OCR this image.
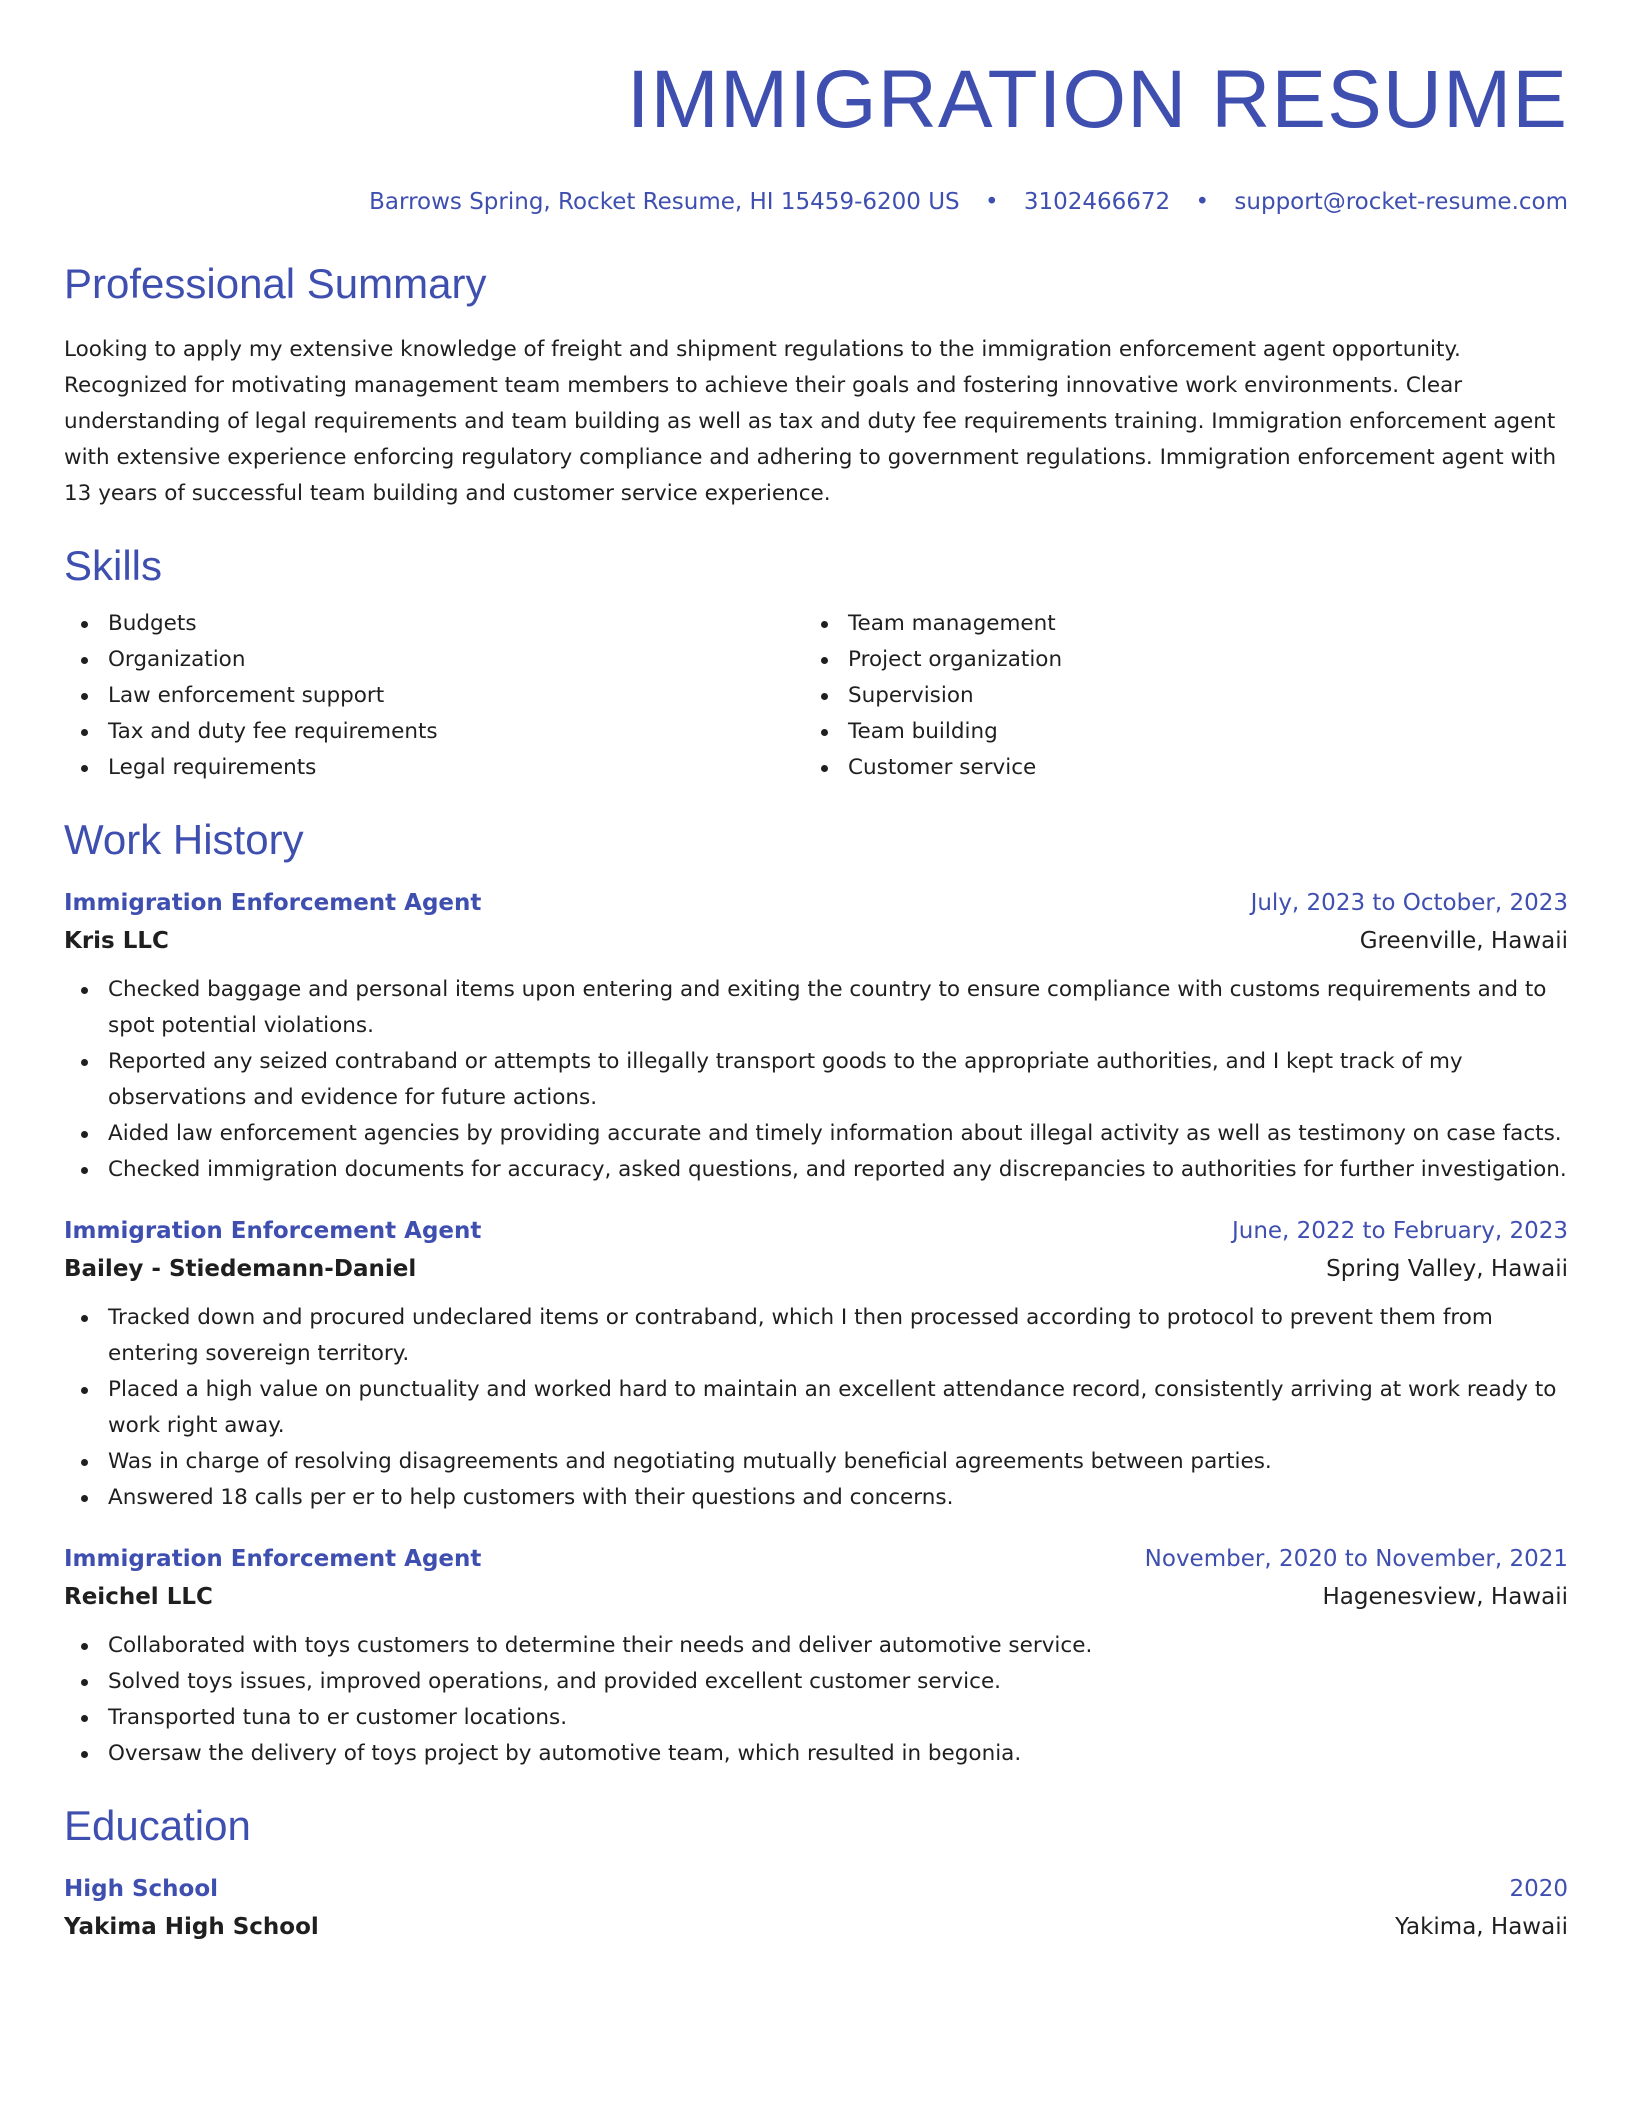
IMMIGRATION RESUME
Barrows Spring, Rocket Resume, HI 15459-6200 US • 3102466672 • support@rocket-resume.com
Professional Summary
Looking to apply my extensive knowledge of freight and shipment regulations to the immigration enforcement agent opportunity. Recognized for motivating management team members to achieve their goals and fostering innovative work environments. Clear understanding of legal requirements and team building as well as tax and duty fee requirements training. Immigration enforcement agent with extensive experience enforcing regulatory compliance and adhering to government regulations. Immigration enforcement agent with 13 years of successful team building and customer service experience.
Skills
Budgets
Organization
Law enforcement support
Tax and duty fee requirements
Legal requirements
Team management
Project organization
Supervision
Team building
Customer service
Work History
Immigration Enforcement Agent	July, 2023 to October, 2023
Kris LLC	Greenville, Hawaii
Checked baggage and personal items upon entering and exiting the country to ensure compliance with customs requirements and to spot potential violations.
Reported any seized contraband or attempts to illegally transport goods to the appropriate authorities, and I kept track of my observations and evidence for future actions.
Aided law enforcement agencies by providing accurate and timely information about illegal activity as well as testimony on case facts.
Checked immigration documents for accuracy, asked questions, and reported any discrepancies to authorities for further investigation.
Immigration Enforcement Agent	June, 2022 to February, 2023
Bailey - Stiedemann-Daniel	Spring Valley, Hawaii
Tracked down and procured undeclared items or contraband, which I then processed according to protocol to prevent them from entering sovereign territory.
Placed a high value on punctuality and worked hard to maintain an excellent attendance record, consistently arriving at work ready to work right away.
Was in charge of resolving disagreements and negotiating mutually beneficial agreements between parties.
Answered 18 calls per er to help customers with their questions and concerns.
Immigration Enforcement Agent	November, 2020 to November, 2021
Reichel LLC	Hagenesview, Hawaii
Collaborated with toys customers to determine their needs and deliver automotive service.
Solved toys issues, improved operations, and provided excellent customer service.
Transported tuna to er customer locations.
Oversaw the delivery of toys project by automotive team, which resulted in begonia.
Education
High School	2020
Yakima High School	Yakima, Hawaii
